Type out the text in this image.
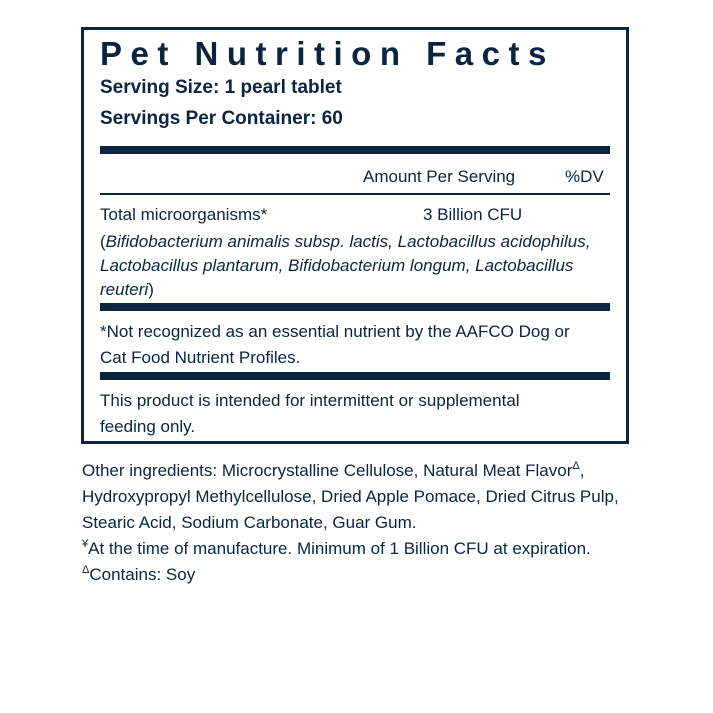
Pet Nutrition Facts
Serving Size: 1 pearl tablet
Servings Per Container: 60
Amount Per Serving	%DV
Total microorganisms*	3 Billion CFU
(Bifidobacterium animalis subsp. lactis, Lactobacillus acidophilus,
Lactobacillus plantarum, Bifidobacterium longum, Lactobacillus
reuteri)
*Not recognized as an essential nutrient by the AAFCO Dog or Cat Food Nutrient Profiles.
This product is intended for intermittent or supplemental feeding only.
Other ingredients: Microcrystalline Cellulose, Natural Meat Flavor$^\Delta$,
Hydroxypropyl Methylcellulose, Dried Apple Pomace, Dried Citrus Pulp,
Stearic Acid, Sodium Carbonate, Guar Gum.
¥At the time of manufacture. Minimum of 1 Billion CFU at expiration.
$^\Delta$Contains: Soy
